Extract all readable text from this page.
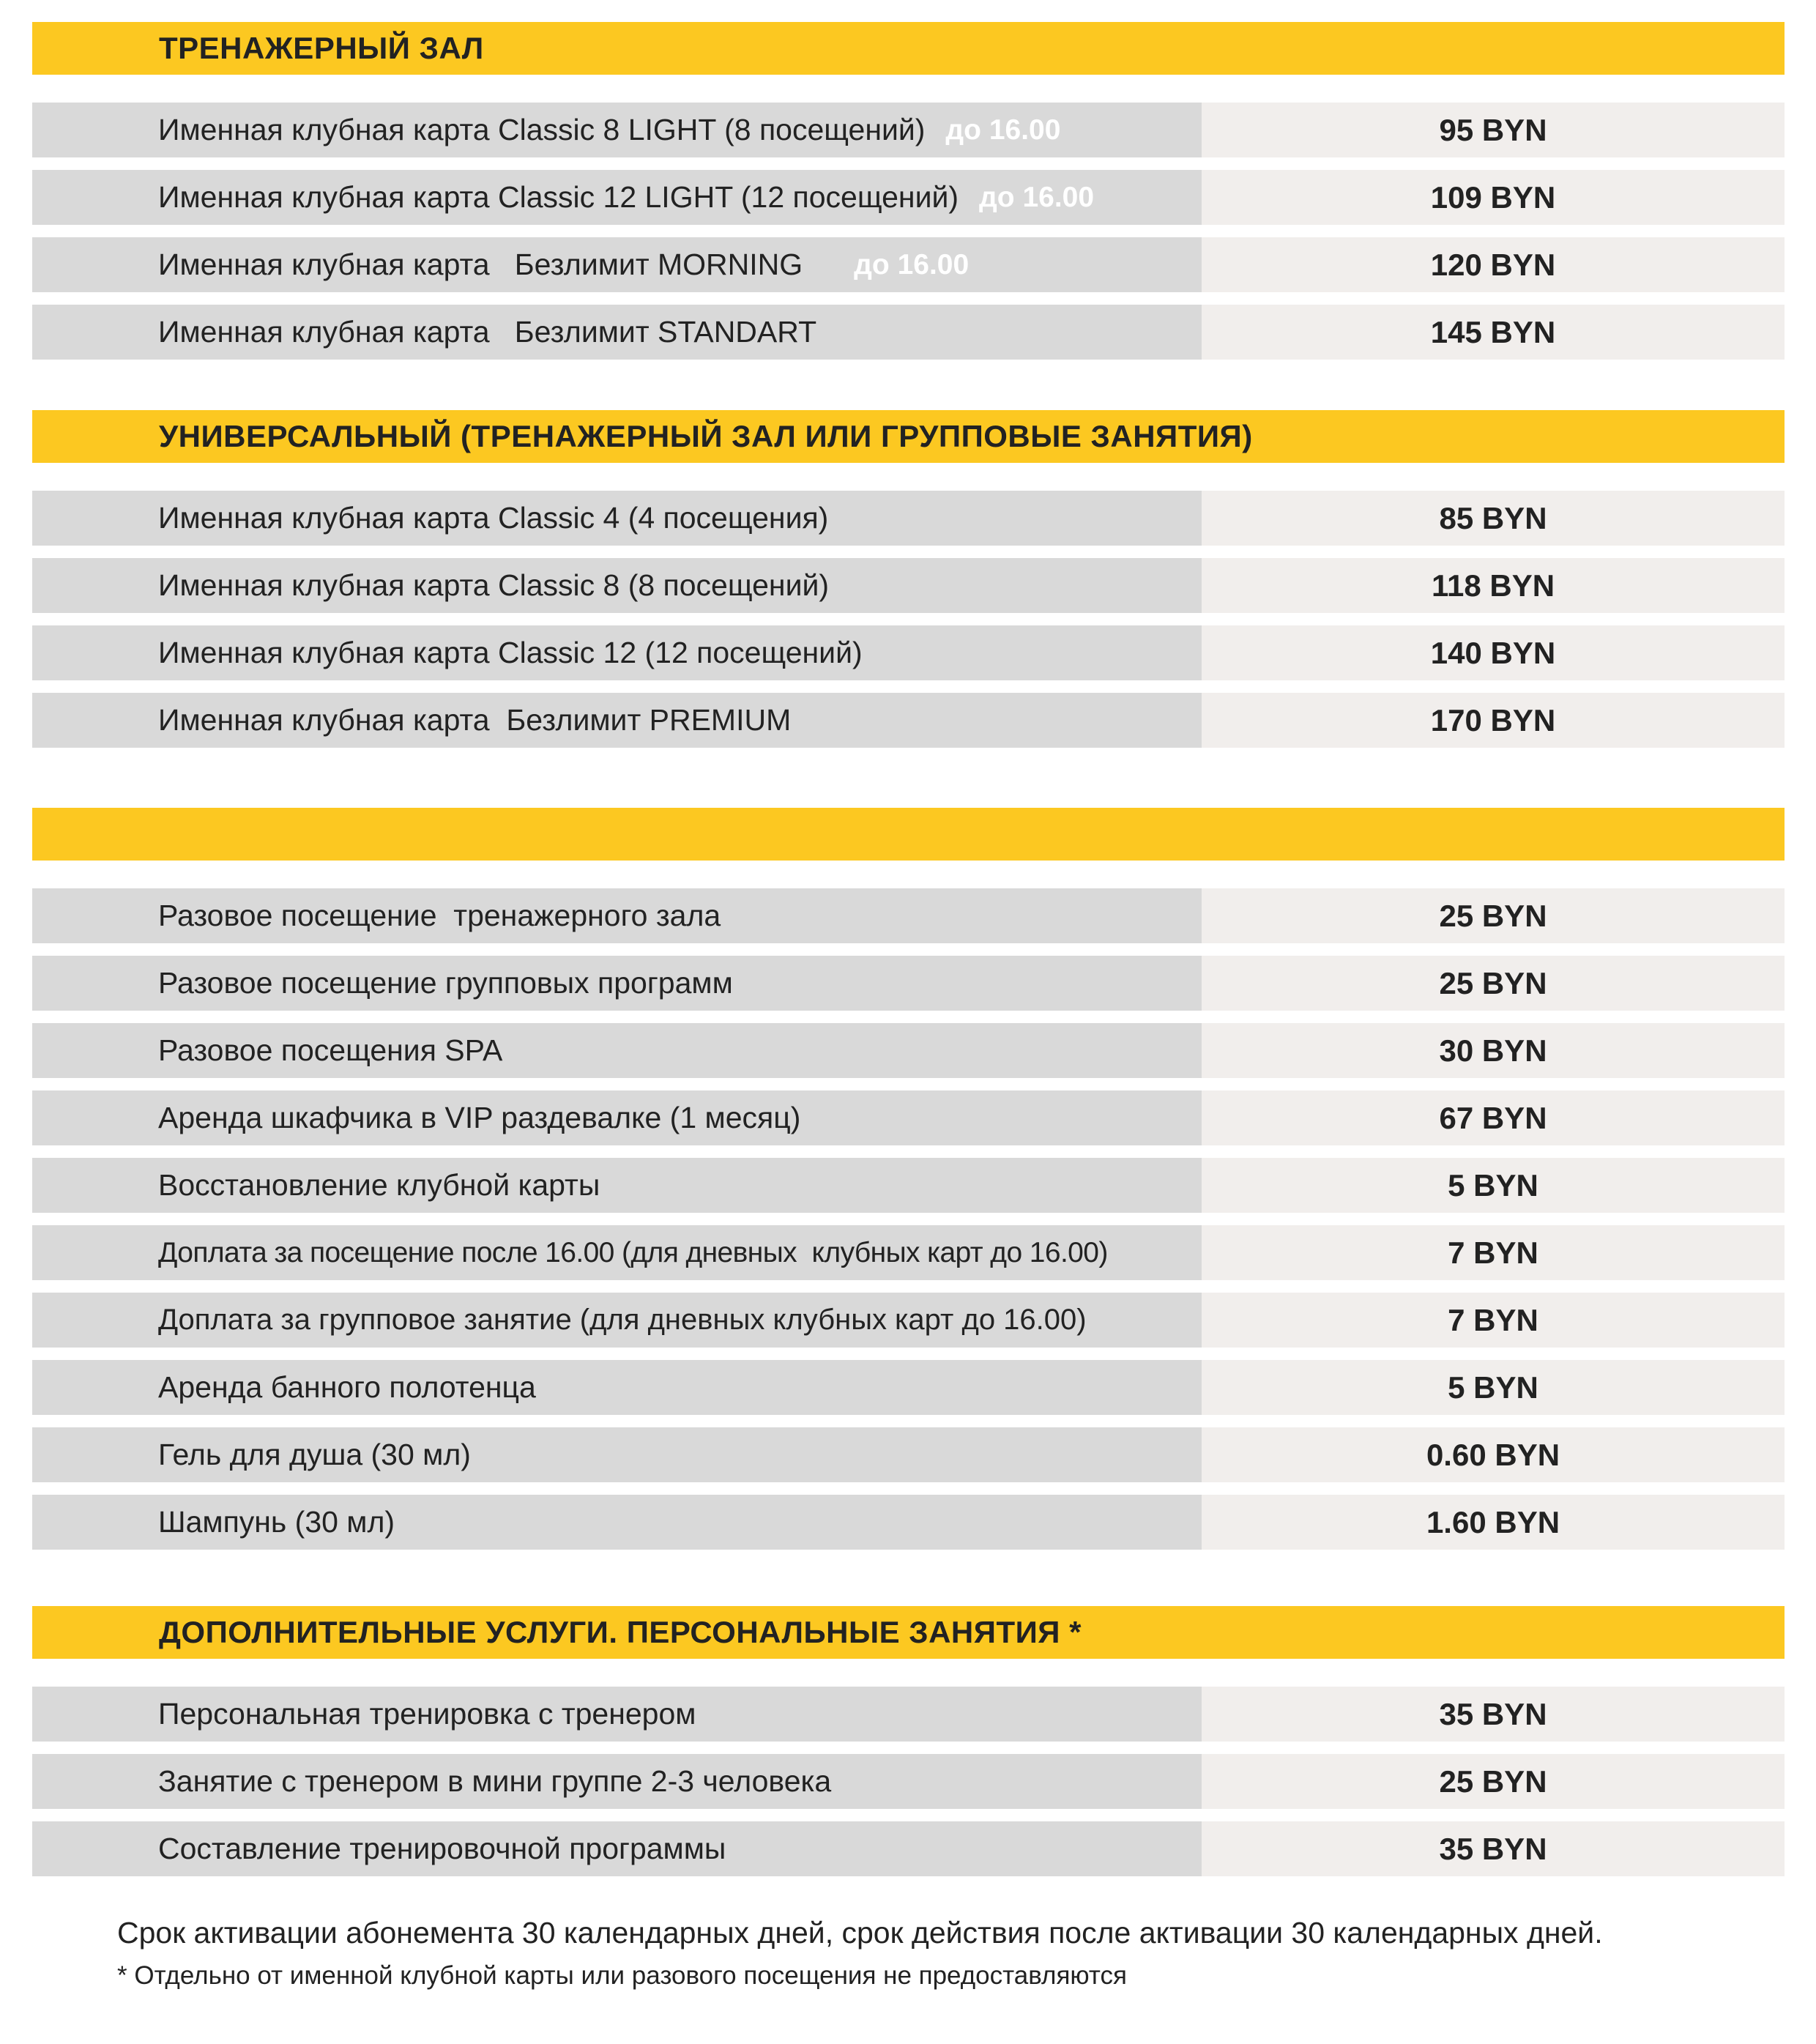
ТРЕНАЖЕРНЫЙ ЗАЛ
Именная клубная карта Classic 8 LIGHT (8 посещений) до 16.00	95 BYN
Именная клубная карта Classic 12 LIGHT (12 посещений) до 16.00	109 BYN
Именная клубная карта   Безлимит MORNING до 16.00	120 BYN
Именная клубная карта   Безлимит STANDART	145 BYN
УНИВЕРСАЛЬНЫЙ (ТРЕНАЖЕРНЫЙ ЗАЛ ИЛИ ГРУППОВЫЕ ЗАНЯТИЯ)
Именная клубная карта Classic 4 (4 посещения)	85 BYN
Именная клубная карта Classic 8 (8 посещений)	118 BYN
Именная клубная карта Classic 12 (12 посещений)	140 BYN
Именная клубная карта  Безлимит PREMIUM	170 BYN
Разовое посещение  тренажерного зала	25 BYN
Разовое посещение групповых программ	25 BYN
Разовое посещения SPA	30 BYN
Аренда шкафчика в VIP раздевалке (1 месяц)	67 BYN
Восстановление клубной карты	5 BYN
Доплата за посещение после 16.00 (для дневных  клубных карт до 16.00)	7 BYN
Доплата за групповое занятие (для дневных клубных карт до 16.00)	7 BYN
Аренда банного полотенца	5 BYN
Гель для душа (30 мл)	0.60 BYN
Шампунь (30 мл)	1.60 BYN
ДОПОЛНИТЕЛЬНЫЕ УСЛУГИ. ПЕРСОНАЛЬНЫЕ ЗАНЯТИЯ *
Персональная тренировка с тренером	35 BYN
Занятие с тренером в мини группе 2-3 человека	25 BYN
Составление тренировочной программы	35 BYN
Срок активации абонемента 30 календарных дней, срок действия после активации 30 календарных дней.
* Отдельно от именной клубной карты или разового посещения не предоставляются
